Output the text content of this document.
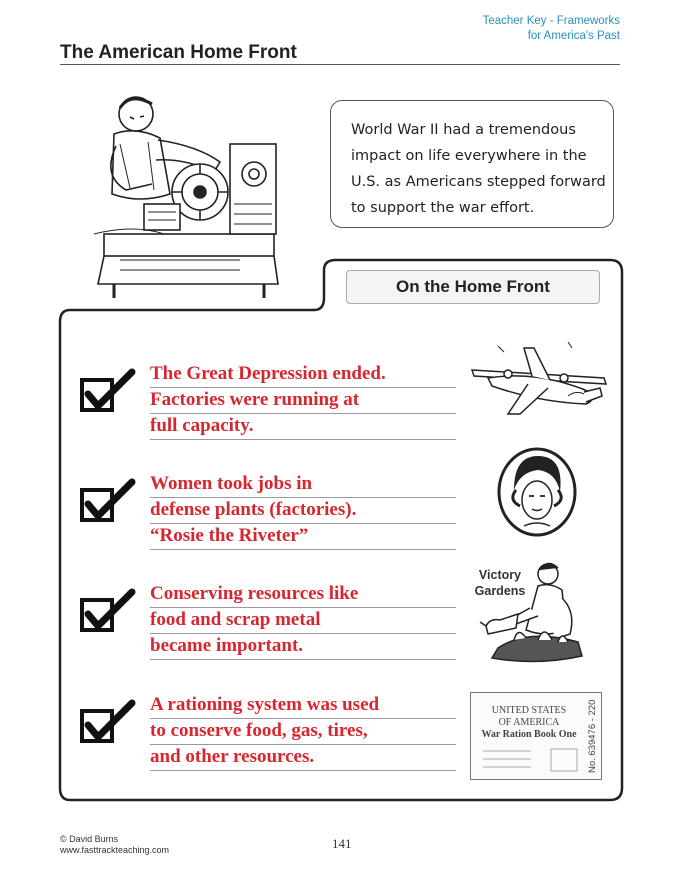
Teacher Key - Frameworks
for America's Past
The American Home Front
World War II had a tremendous
impact on life everywhere in the
U.S. as Americans stepped forward
to support the war effort.
On the Home Front
The Great Depression ended.
Factories were running at
full capacity.
Women took jobs in
defense plants (factories).
“Rosie the Riveter”
Conserving resources like
food and scrap metal
became important.
A rationing system was used
to conserve food, gas, tires,
and other resources.
Victory Gardens
UNITED STATES
OF AMERICA
War Ration Book One	No. 639476 - 220
© David Burns
www.fasttrackteaching.com	141
